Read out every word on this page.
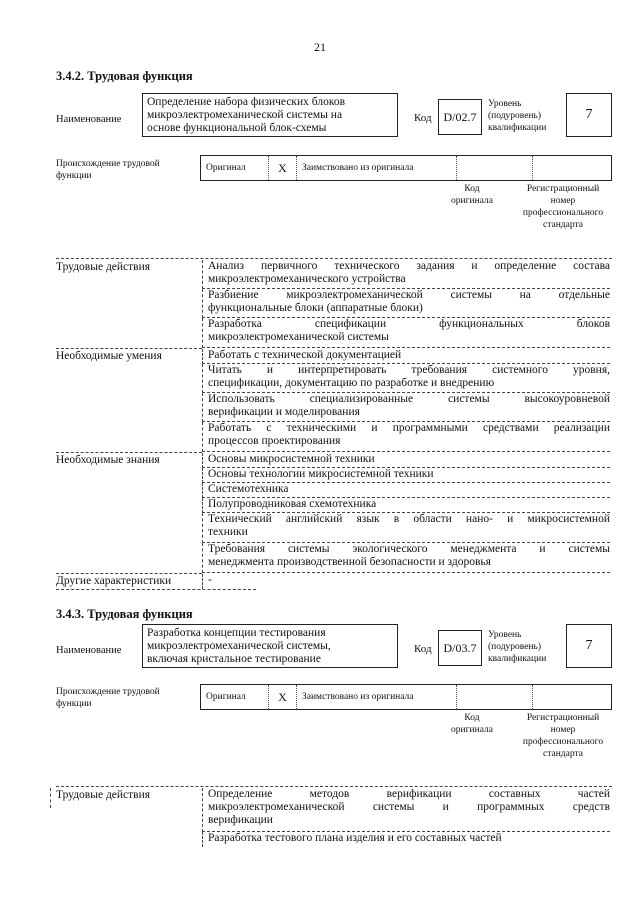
21
3.4.2. Трудовая функция
Наименование
Определение набора физических блоков
микроэлектромеханической системы на
основе функциональной блок-схемы
Код D/02.7
Уровень
(подуровень)
квалификации
7
Происхождение трудовой
функции
Оригинал	X	Заимствовано из оригинала
Код
оригинала
Регистрационный
номер
профессионального
стандарта
Трудовые действия	Анализ первичного технического задания и определение состава
микроэлектромеханического устройства
Разбиение микроэлектромеханической системы на отдельные
функциональные блоки (аппаратные блоки)
Разработка спецификации функциональных блоков
микроэлектромеханической системы
Необходимые умения	Работать с технической документацией
Читать и интерпретировать требования системного уровня,
спецификации, документацию по разработке и внедрению
Использовать специализированные системы высокоуровневой
верификации и моделирования
Работать с техническими и программными средствами реализации
процессов проектирования
Необходимые знания	Основы микросистемной техники
Основы технологии микросистемной техники
Системотехника
Полупроводниковая схемотехника
Технический английский язык в области нано- и микросистемной
техники
Требования системы экологического менеджмента и системы
менеджмента производственной безопасности и здоровья
Другие характеристики	-
3.4.3. Трудовая функция
Наименование
Разработка концепции тестирования
микроэлектромеханической системы,
включая кристальное тестирование
Код D/03.7
Уровень
(подуровень)
квалификации
7
Происхождение трудовой
функции
Оригинал	X	Заимствовано из оригинала
Код
оригинала
Регистрационный
номер
профессионального
стандарта
Трудовые действия	Определение методов верификации составных частей
микроэлектромеханической системы и программных средств
верификации
Разработка тестового плана изделия и его составных частей
